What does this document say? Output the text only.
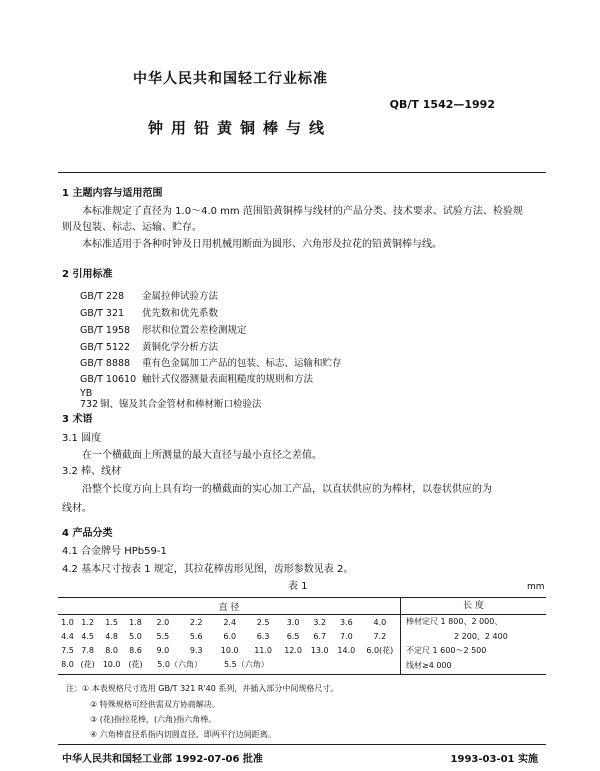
中华人民共和国轻工行业标准
QB/T 1542—1992
钟用铅黄铜棒与线
1 主题内容与适用范围
本标准规定了直径为 1.0～4.0 mm 范围铅黄铜棒与线材的产品分类、技术要求、试验方法、检验规
则及包装、标志、运输、贮存。
本标准适用于各种时钟及日用机械用断面为圆形、六角形及拉花的铅黄铜棒与线。
2 引用标准
GB/T 228 金属拉伸试验方法
GB/T 321 优先数和优先系数
GB/T 1958 形状和位置公差检测规定
GB/T 5122 黄铜化学分析方法
GB/T 8888 重有色金属加工产品的包装、标志、运输和贮存
GB/T 10610 触针式仪器测量表面粗糙度的规则和方法
YB 732 铜、镍及其合金管材和棒材断口检验法
3 术语
3.1 圆度
在一个横截面上所测量的最大直径与最小直径之差值。
3.2 棒、线材
沿整个长度方向上具有均一的横截面的实心加工产品，以直状供应的为棒材，以卷状供应的为
线材。
4 产品分类
4.1 合金牌号 HPb59-1
4.2 基本尺寸按表 1 规定，其拉花棒齿形见图，齿形参数见表 2。
表 1	mm
直 径											
1.0	1.2	1.5	1.8	2.0	2.2	2.4	2.5	3.0	3.2	3.6	4.0
4.4	4.5	4.8	5.0	5.5	5.6	6.0	6.3	6.5	6.7	7.0	7.2
7.5	7.8	8.0	8.6	9.0	9.3	10.0	11.0	12.0	13.0	14.0	6.0(花)
8.0	(花)	10.0	(花)	5.0（六角）		5.5（六角）					
长 度
棒材定尺 1 800、2 000、
2 200、2 400
不定尺 1 600～2 500
线材≥4 000
注：① 本表规格尺寸选用 GB/T 321 R'40 系列，并插入部分中间规格尺寸。
② 特殊规格可经供需双方协商解决。
③ (花)指拉花棒，(六角)指六角棒。
④ 六角棒直径系指内切圆直径，即两平行边间距离。
中华人民共和国轻工业部 1992-07-06 批准	1993-03-01 实施
